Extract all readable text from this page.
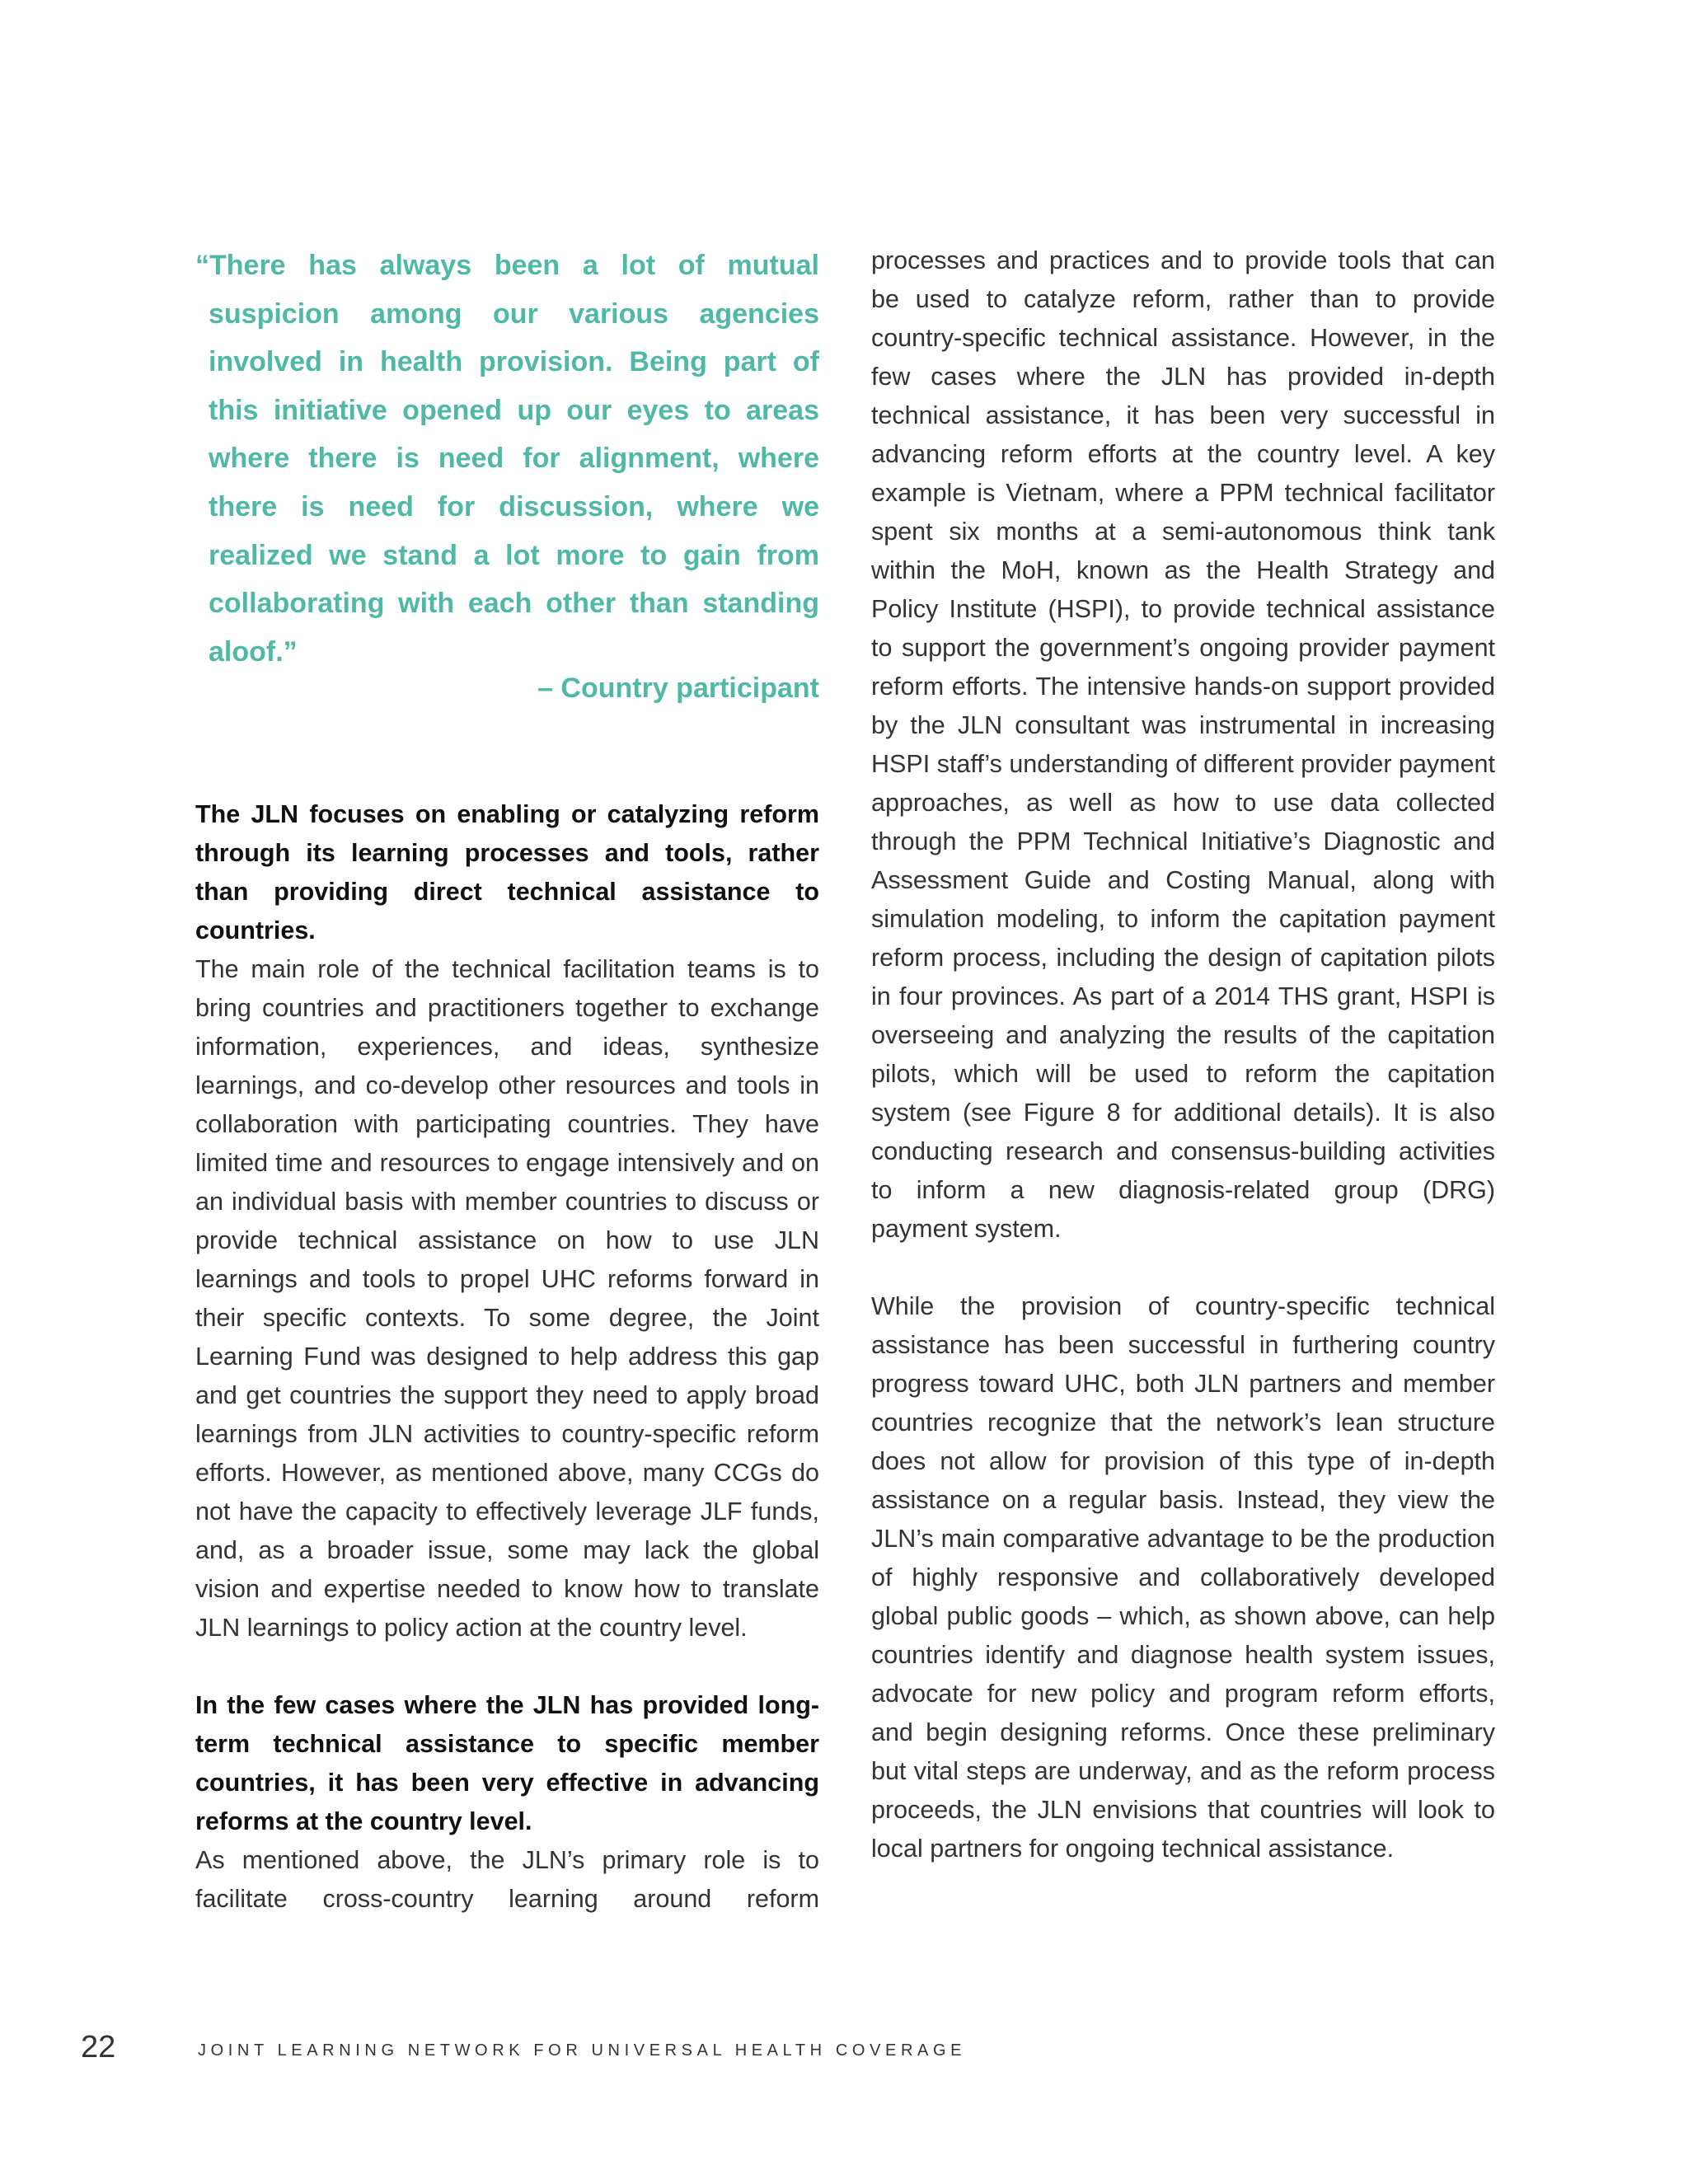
“There has always been a lot of mutual suspicion among our various agencies involved in health provision. Being part of this initiative opened up our eyes to areas where there is need for alignment, where there is need for discussion, where we realized we stand a lot more to gain from collaborating with each other than standing aloof.”

– Country participant

The JLN focuses on enabling or catalyzing reform through its learning processes and tools, rather than providing direct technical assistance to countries.

The main role of the technical facilitation teams is to bring countries and practitioners together to exchange information, experiences, and ideas, synthesize learnings, and co-develop other resources and tools in collaboration with participating countries. They have limited time and resources to engage intensively and on an individual basis with member countries to discuss or provide technical assistance on how to use JLN learnings and tools to propel UHC reforms forward in their specific contexts. To some degree, the Joint Learning Fund was designed to help address this gap and get countries the support they need to apply broad learnings from JLN activities to country-specific reform efforts. However, as mentioned above, many CCGs do not have the capacity to effectively leverage JLF funds, and, as a broader issue, some may lack the global vision and expertise needed to know how to translate JLN learnings to policy action at the country level.

In the few cases where the JLN has provided long-term technical assistance to specific member countries, it has been very effective in advancing reforms at the country level.

As mentioned above, the JLN’s primary role is to facilitate cross-country learning around reform

processes and practices and to provide tools that can be used to catalyze reform, rather than to provide country-specific technical assistance. However, in the few cases where the JLN has provided in-depth technical assistance, it has been very successful in advancing reform efforts at the country level. A key example is Vietnam, where a PPM technical facilitator spent six months at a semi-autonomous think tank within the MoH, known as the Health Strategy and Policy Institute (HSPI), to provide technical assistance to support the government’s ongoing provider payment reform efforts. The intensive hands-on support provided by the JLN consultant was instrumental in increasing HSPI staff’s understanding of different provider payment approaches, as well as how to use data collected through the PPM Technical Initiative’s Diagnostic and Assessment Guide and Costing Manual, along with simulation modeling, to inform the capitation payment reform process, including the design of capitation pilots in four provinces. As part of a 2014 THS grant, HSPI is overseeing and analyzing the results of the capitation pilots, which will be used to reform the capitation system (see Figure 8 for additional details). It is also conducting research and consensus-building activities to inform a new diagnosis-related group (DRG) payment system.

While the provision of country-specific technical assistance has been successful in furthering country progress toward UHC, both JLN partners and member countries recognize that the network’s lean structure does not allow for provision of this type of in-depth assistance on a regular basis. Instead, they view the JLN’s main comparative advantage to be the production of highly responsive and collaboratively developed global public goods – which, as shown above, can help countries identify and diagnose health system issues, advocate for new policy and program reform efforts, and begin designing reforms. Once these preliminary but vital steps are underway, and as the reform process proceeds, the JLN envisions that countries will look to local partners for ongoing technical assistance.

22	JOINT LEARNING NETWORK FOR UNIVERSAL HEALTH COVERAGE
